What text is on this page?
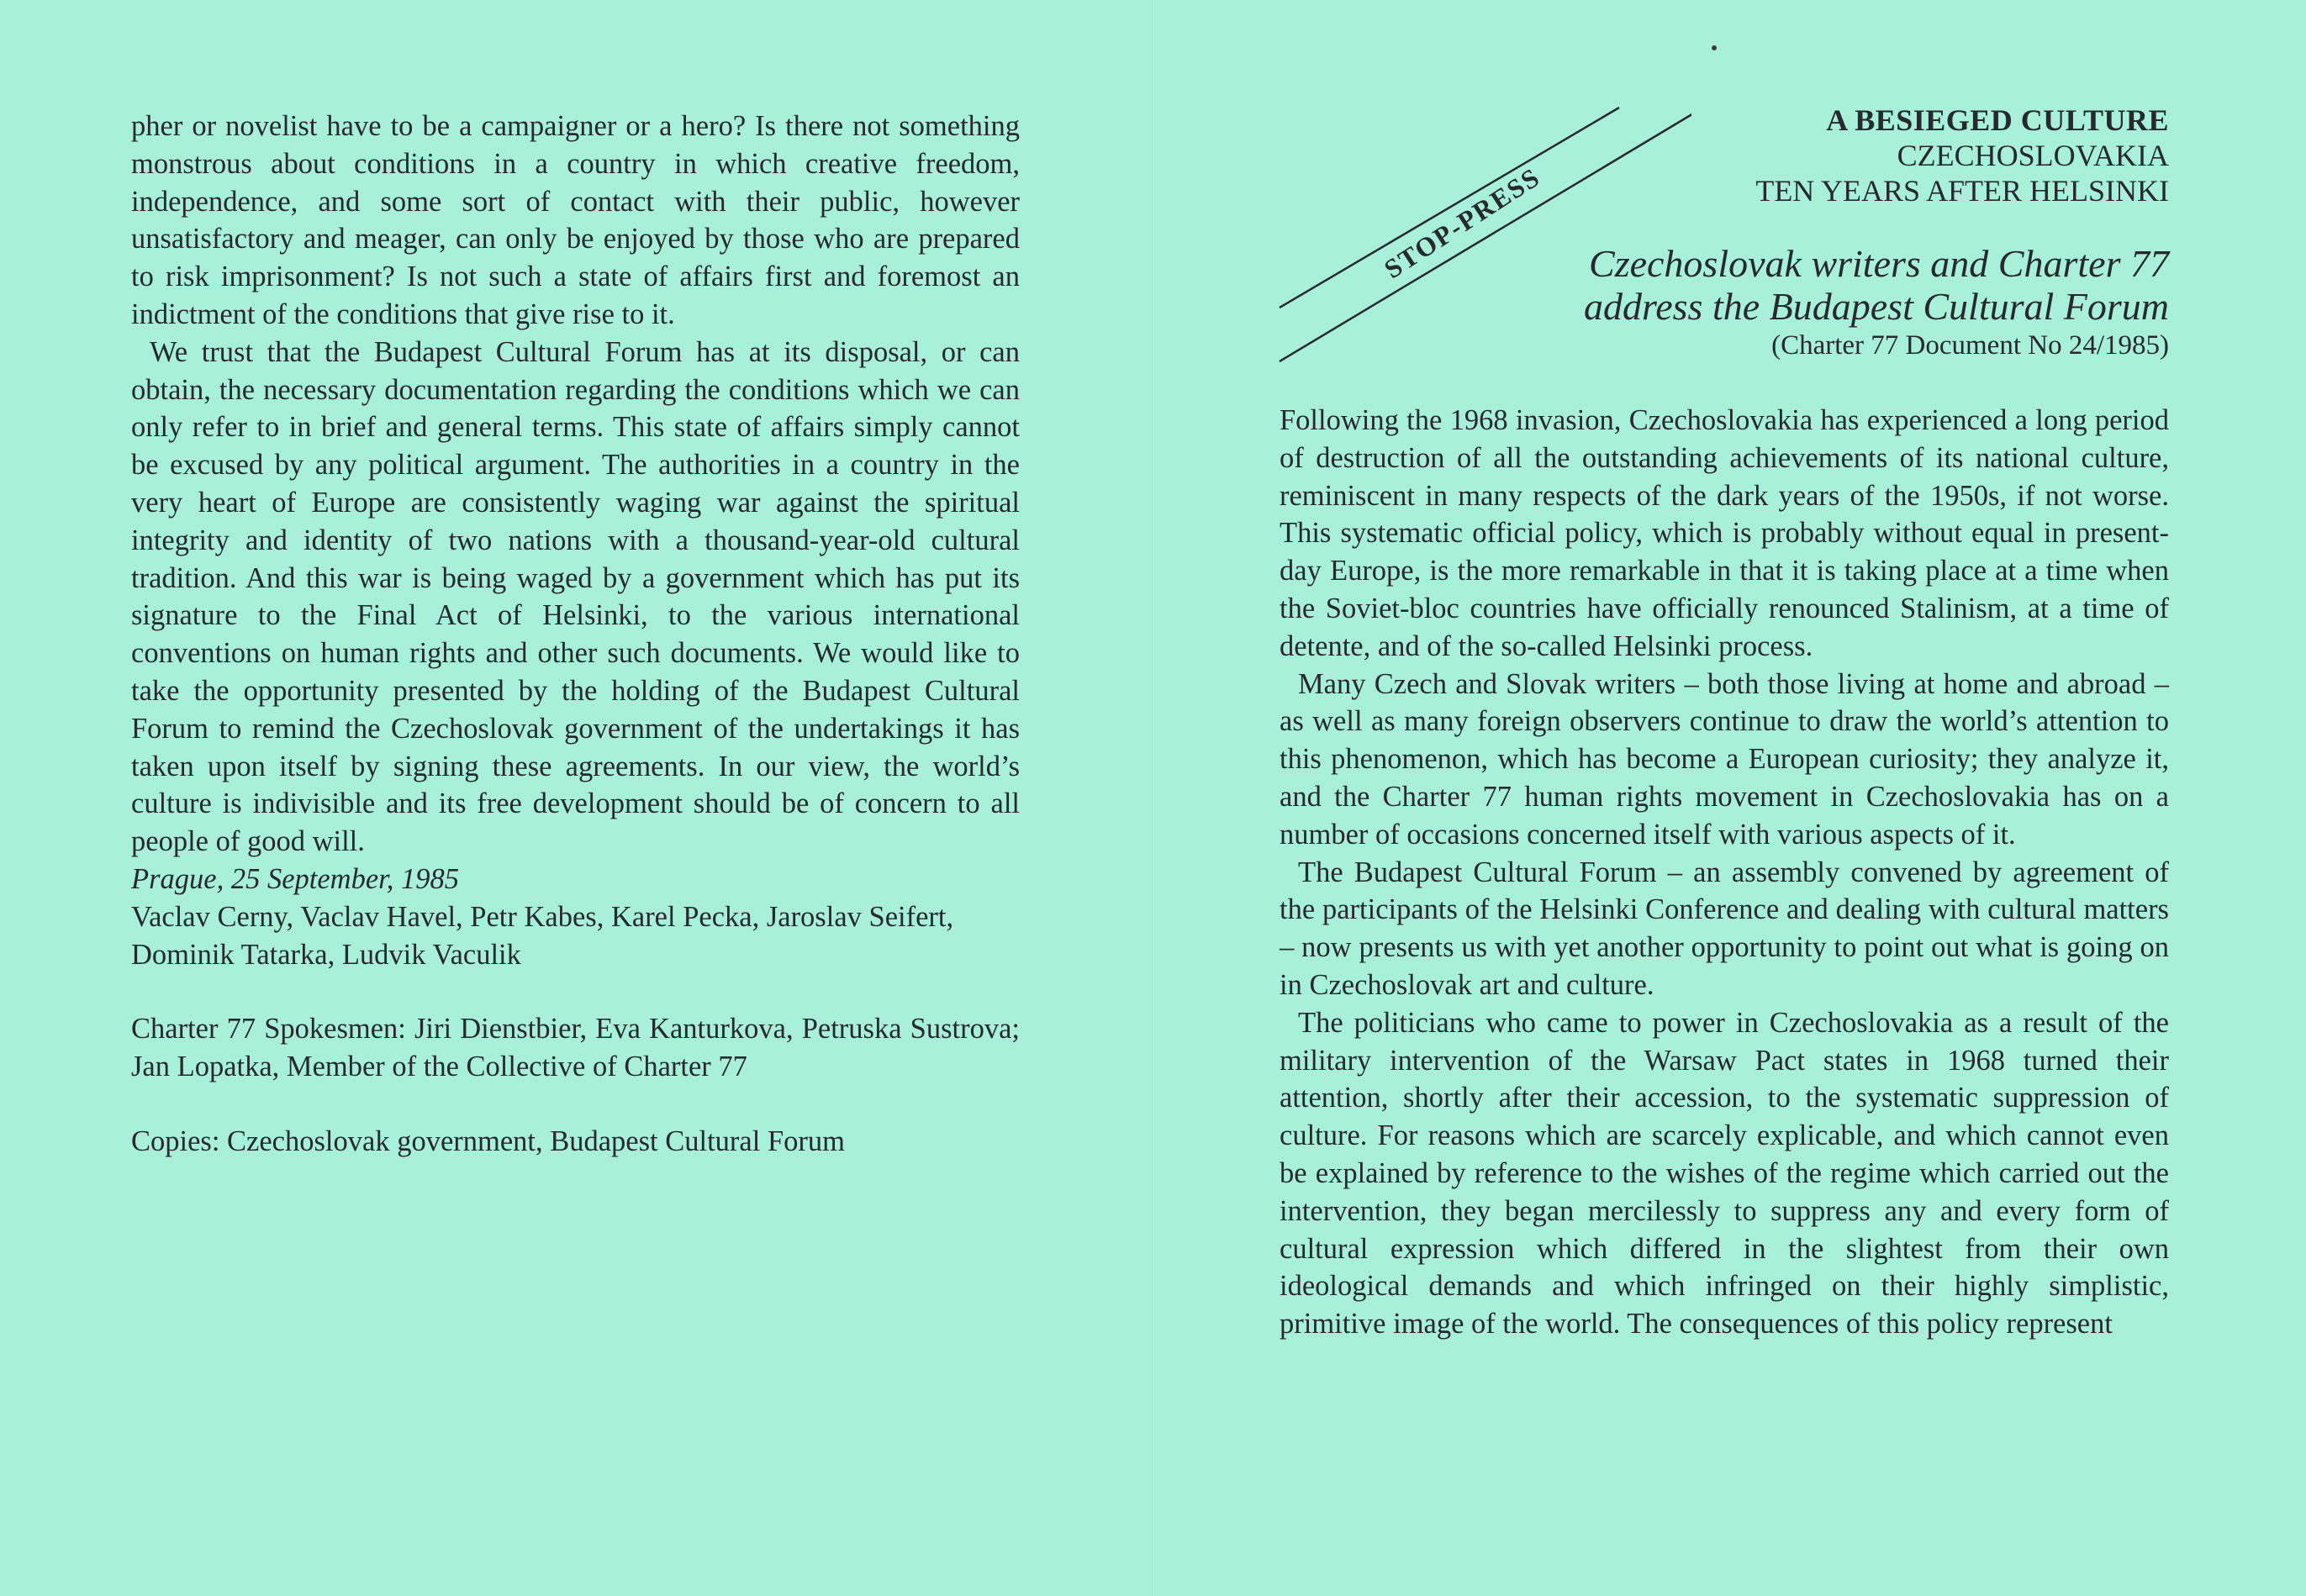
pher or novelist have to be a campaigner or a hero? Is there not something monstrous about conditions in a country in which creative freedom, independence, and some sort of contact with their public, however unsatisfactory and meager, can only be enjoyed by those who are prepared to risk imprisonment? Is not such a state of affairs first and foremost an indictment of the conditions that give rise to it.

We trust that the Budapest Cultural Forum has at its disposal, or can obtain, the necessary documentation regarding the conditions which we can only refer to in brief and general terms. This state of affairs simply cannot be excused by any political argument. The authorities in a country in the very heart of Europe are consistently waging war against the spiritual integrity and identity of two nations with a thousand-year-old cultural tradition. And this war is being waged by a government which has put its signature to the Final Act of Helsinki, to the various international conventions on human rights and other such documents. We would like to take the opportunity presented by the holding of the Budapest Cultural Forum to remind the Czechoslovak government of the undertakings it has taken upon itself by signing these agreements. In our view, the world’s culture is indivisible and its free development should be of concern to all people of good will.

Prague, 25 September, 1985

Vaclav Cerny, Vaclav Havel, Petr Kabes, Karel Pecka, Jaroslav Seifert, Dominik Tatarka, Ludvik Vaculik

Charter 77 Spokesmen: Jiri Dienstbier, Eva Kanturkova, Petruska Sustrova; Jan Lopatka, Member of the Collective of Charter 77

Copies: Czechoslovak government, Budapest Cultural Forum

STOP-PRESS
A BESIEGED CULTURE
CZECHOSLOVAKIA
TEN YEARS AFTER HELSINKI
Czechoslovak writers and Charter 77
address the Budapest Cultural Forum
(Charter 77 Document No 24/1985)

Following the 1968 invasion, Czechoslovakia has experienced a long period of destruction of all the outstanding achievements of its national culture, reminiscent in many respects of the dark years of the 1950s, if not worse. This systematic official policy, which is probably without equal in present-day Europe, is the more remarkable in that it is taking place at a time when the Soviet-bloc countries have officially renounced Stalinism, at a time of detente, and of the so-called Helsinki process.

Many Czech and Slovak writers – both those living at home and abroad – as well as many foreign observers continue to draw the world’s attention to this phenomenon, which has become a European curiosity; they analyze it, and the Charter 77 human rights movement in Czechoslovakia has on a number of occasions concerned itself with various aspects of it.

The Budapest Cultural Forum – an assembly convened by agreement of the participants of the Helsinki Conference and dealing with cultural matters – now presents us with yet another opportunity to point out what is going on in Czechoslovak art and culture.

The politicians who came to power in Czechoslovakia as a result of the military intervention of the Warsaw Pact states in 1968 turned their attention, shortly after their accession, to the systematic suppression of culture. For reasons which are scarcely explicable, and which cannot even be explained by reference to the wishes of the regime which carried out the intervention, they began mercilessly to suppress any and every form of cultural expression which differed in the slightest from their own ideological demands and which infringed on their highly simplistic, primitive image of the world. The consequences of this policy represent
